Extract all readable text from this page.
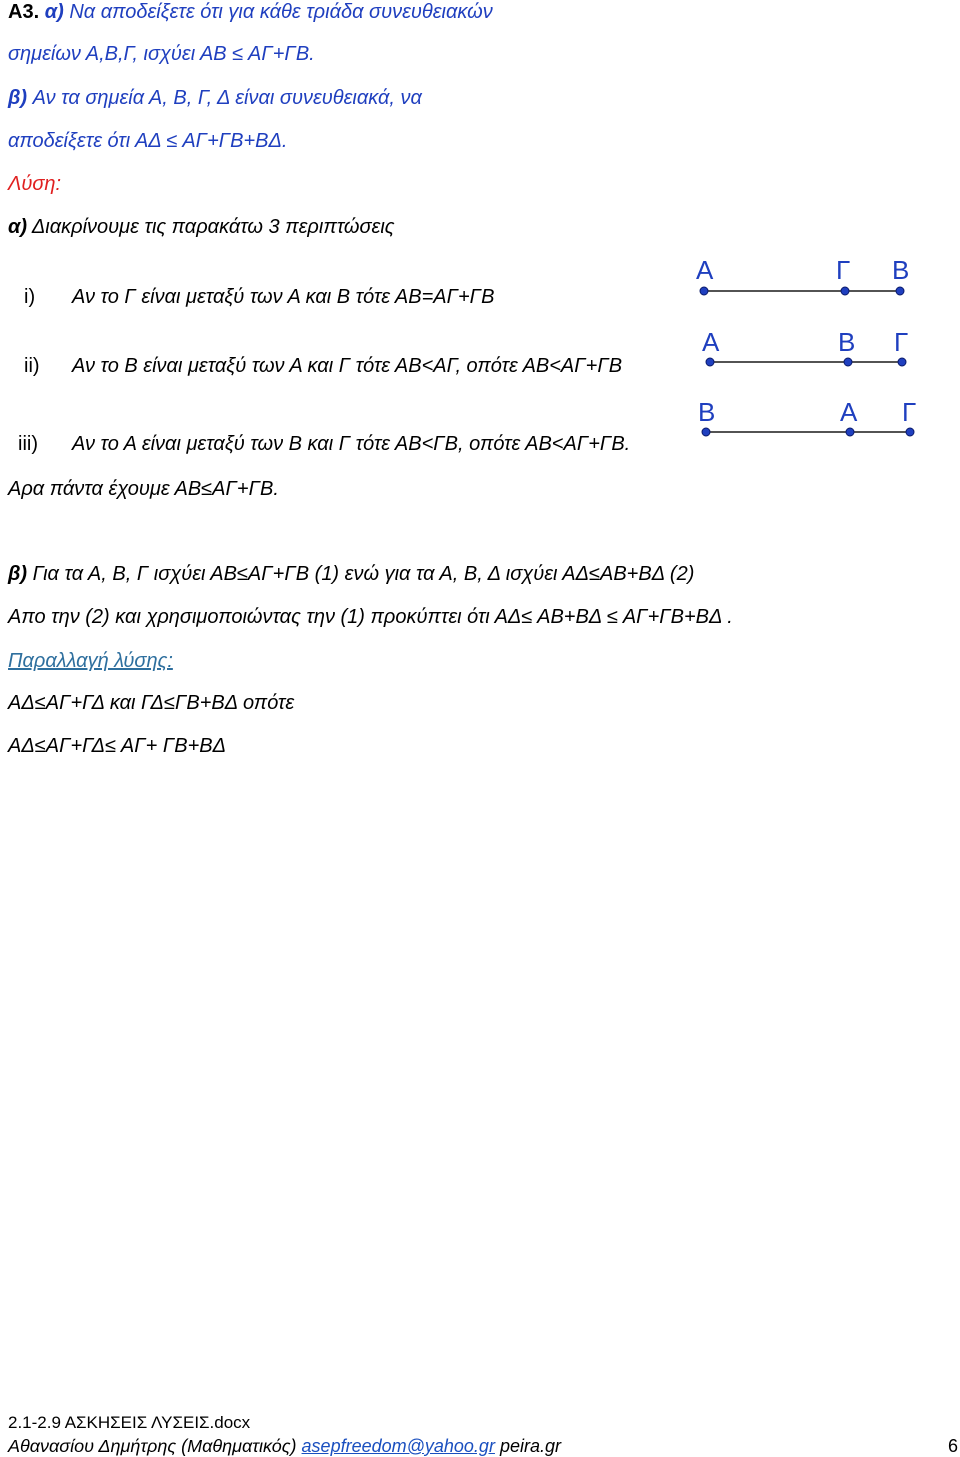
Α3. α) Να αποδείξετε ότι για κάθε τριάδα συνευθειακών
σημείων Α,Β,Γ, ισχύει ΑΒ ≤ ΑΓ+ΓΒ.
β) Αν τα σημεία Α, Β, Γ, Δ είναι συνευθειακά, να
αποδείξετε ότι ΑΔ ≤ ΑΓ+ΓΒ+ΒΔ.
Λύση:
α) Διακρίνουμε τις παρακάτω 3 περιπτώσεις
i) Αν το Γ είναι μεταξύ των Α και Β τότε ΑΒ=ΑΓ+ΓΒ
Α	Γ Β
ii) Αν το Β είναι μεταξύ των Α και Γ τότε ΑΒ<ΑΓ, οπότε ΑΒ<ΑΓ+ΓΒ
Α	Β Γ
iii) Αν το Α είναι μεταξύ των Β και Γ τότε ΑΒ<ΓΒ, οπότε ΑΒ<ΑΓ+ΓΒ.
Β	Α Γ
Αρα πάντα έχουμε ΑΒ≤ΑΓ+ΓΒ.
β) Για τα Α, Β, Γ ισχύει ΑΒ≤ΑΓ+ΓΒ (1) ενώ για τα Α, Β, Δ ισχύει ΑΔ≤ΑΒ+ΒΔ (2)
Απο την (2) και χρησιμοποιώντας την (1) προκύπτει ότι ΑΔ≤ ΑΒ+ΒΔ ≤ ΑΓ+ΓΒ+ΒΔ .
Παραλλαγή λύσης:
ΑΔ≤ΑΓ+ΓΔ και ΓΔ≤ΓΒ+ΒΔ οπότε
ΑΔ≤ΑΓ+ΓΔ≤ ΑΓ+ ΓΒ+ΒΔ
2.1-2.9 ΑΣΚΗΣΕΙΣ ΛΥΣΕΙΣ.docx
Αθανασίου Δημήτρης (Μαθηματικός) asepfreedom@yahoo.gr peira.gr	6
